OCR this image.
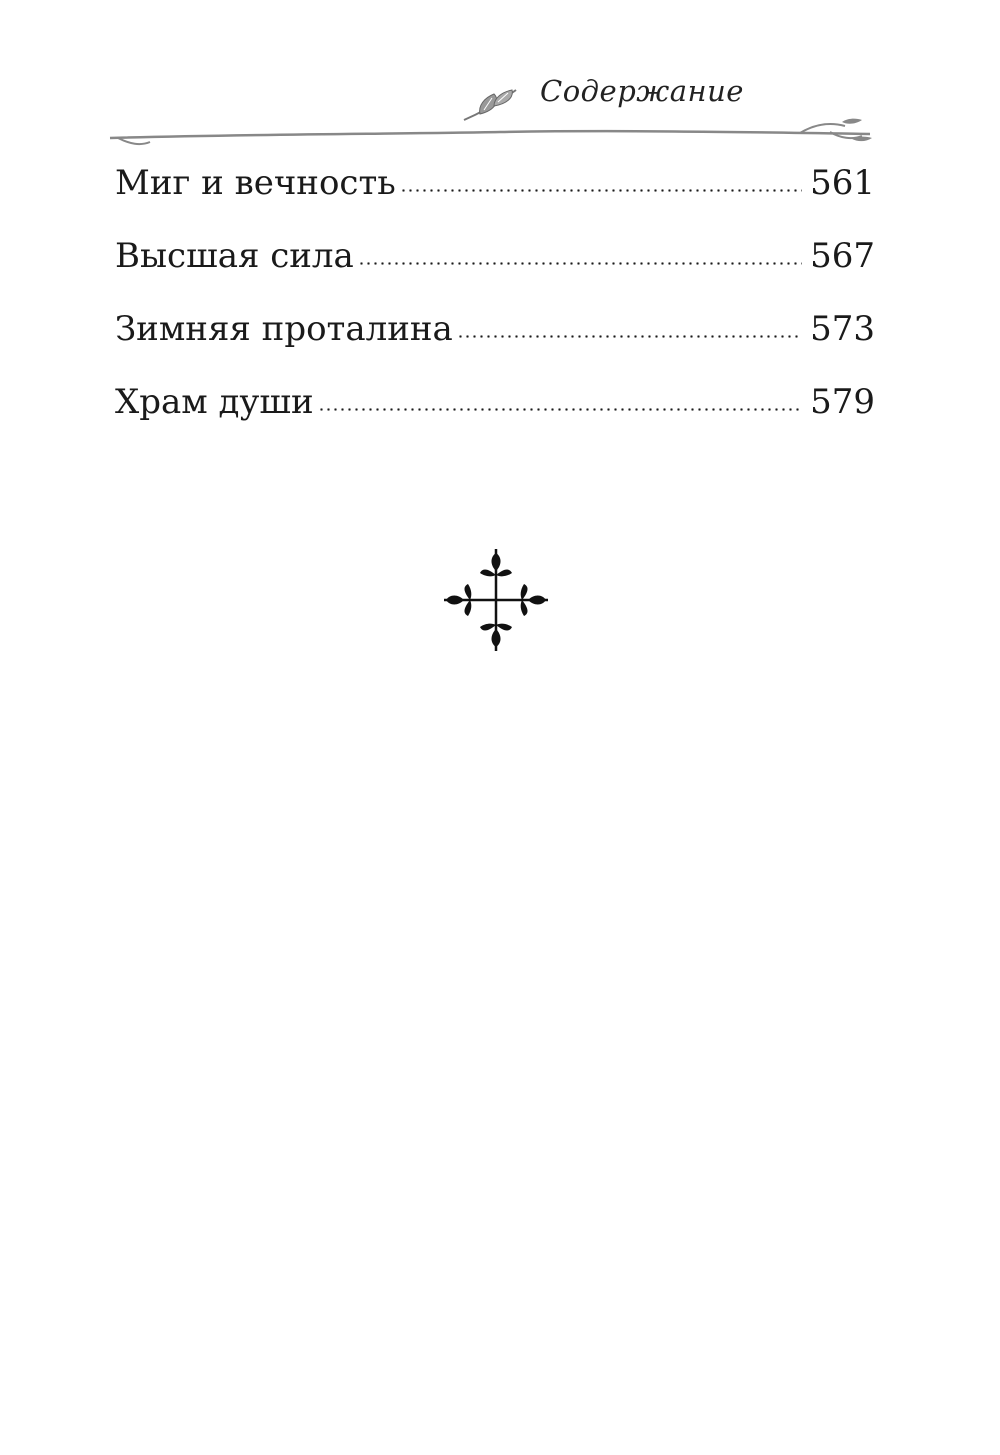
Содержание
Миг и вечность	561
Высшая сила	567
Зимняя проталина	573
Храм души	579
